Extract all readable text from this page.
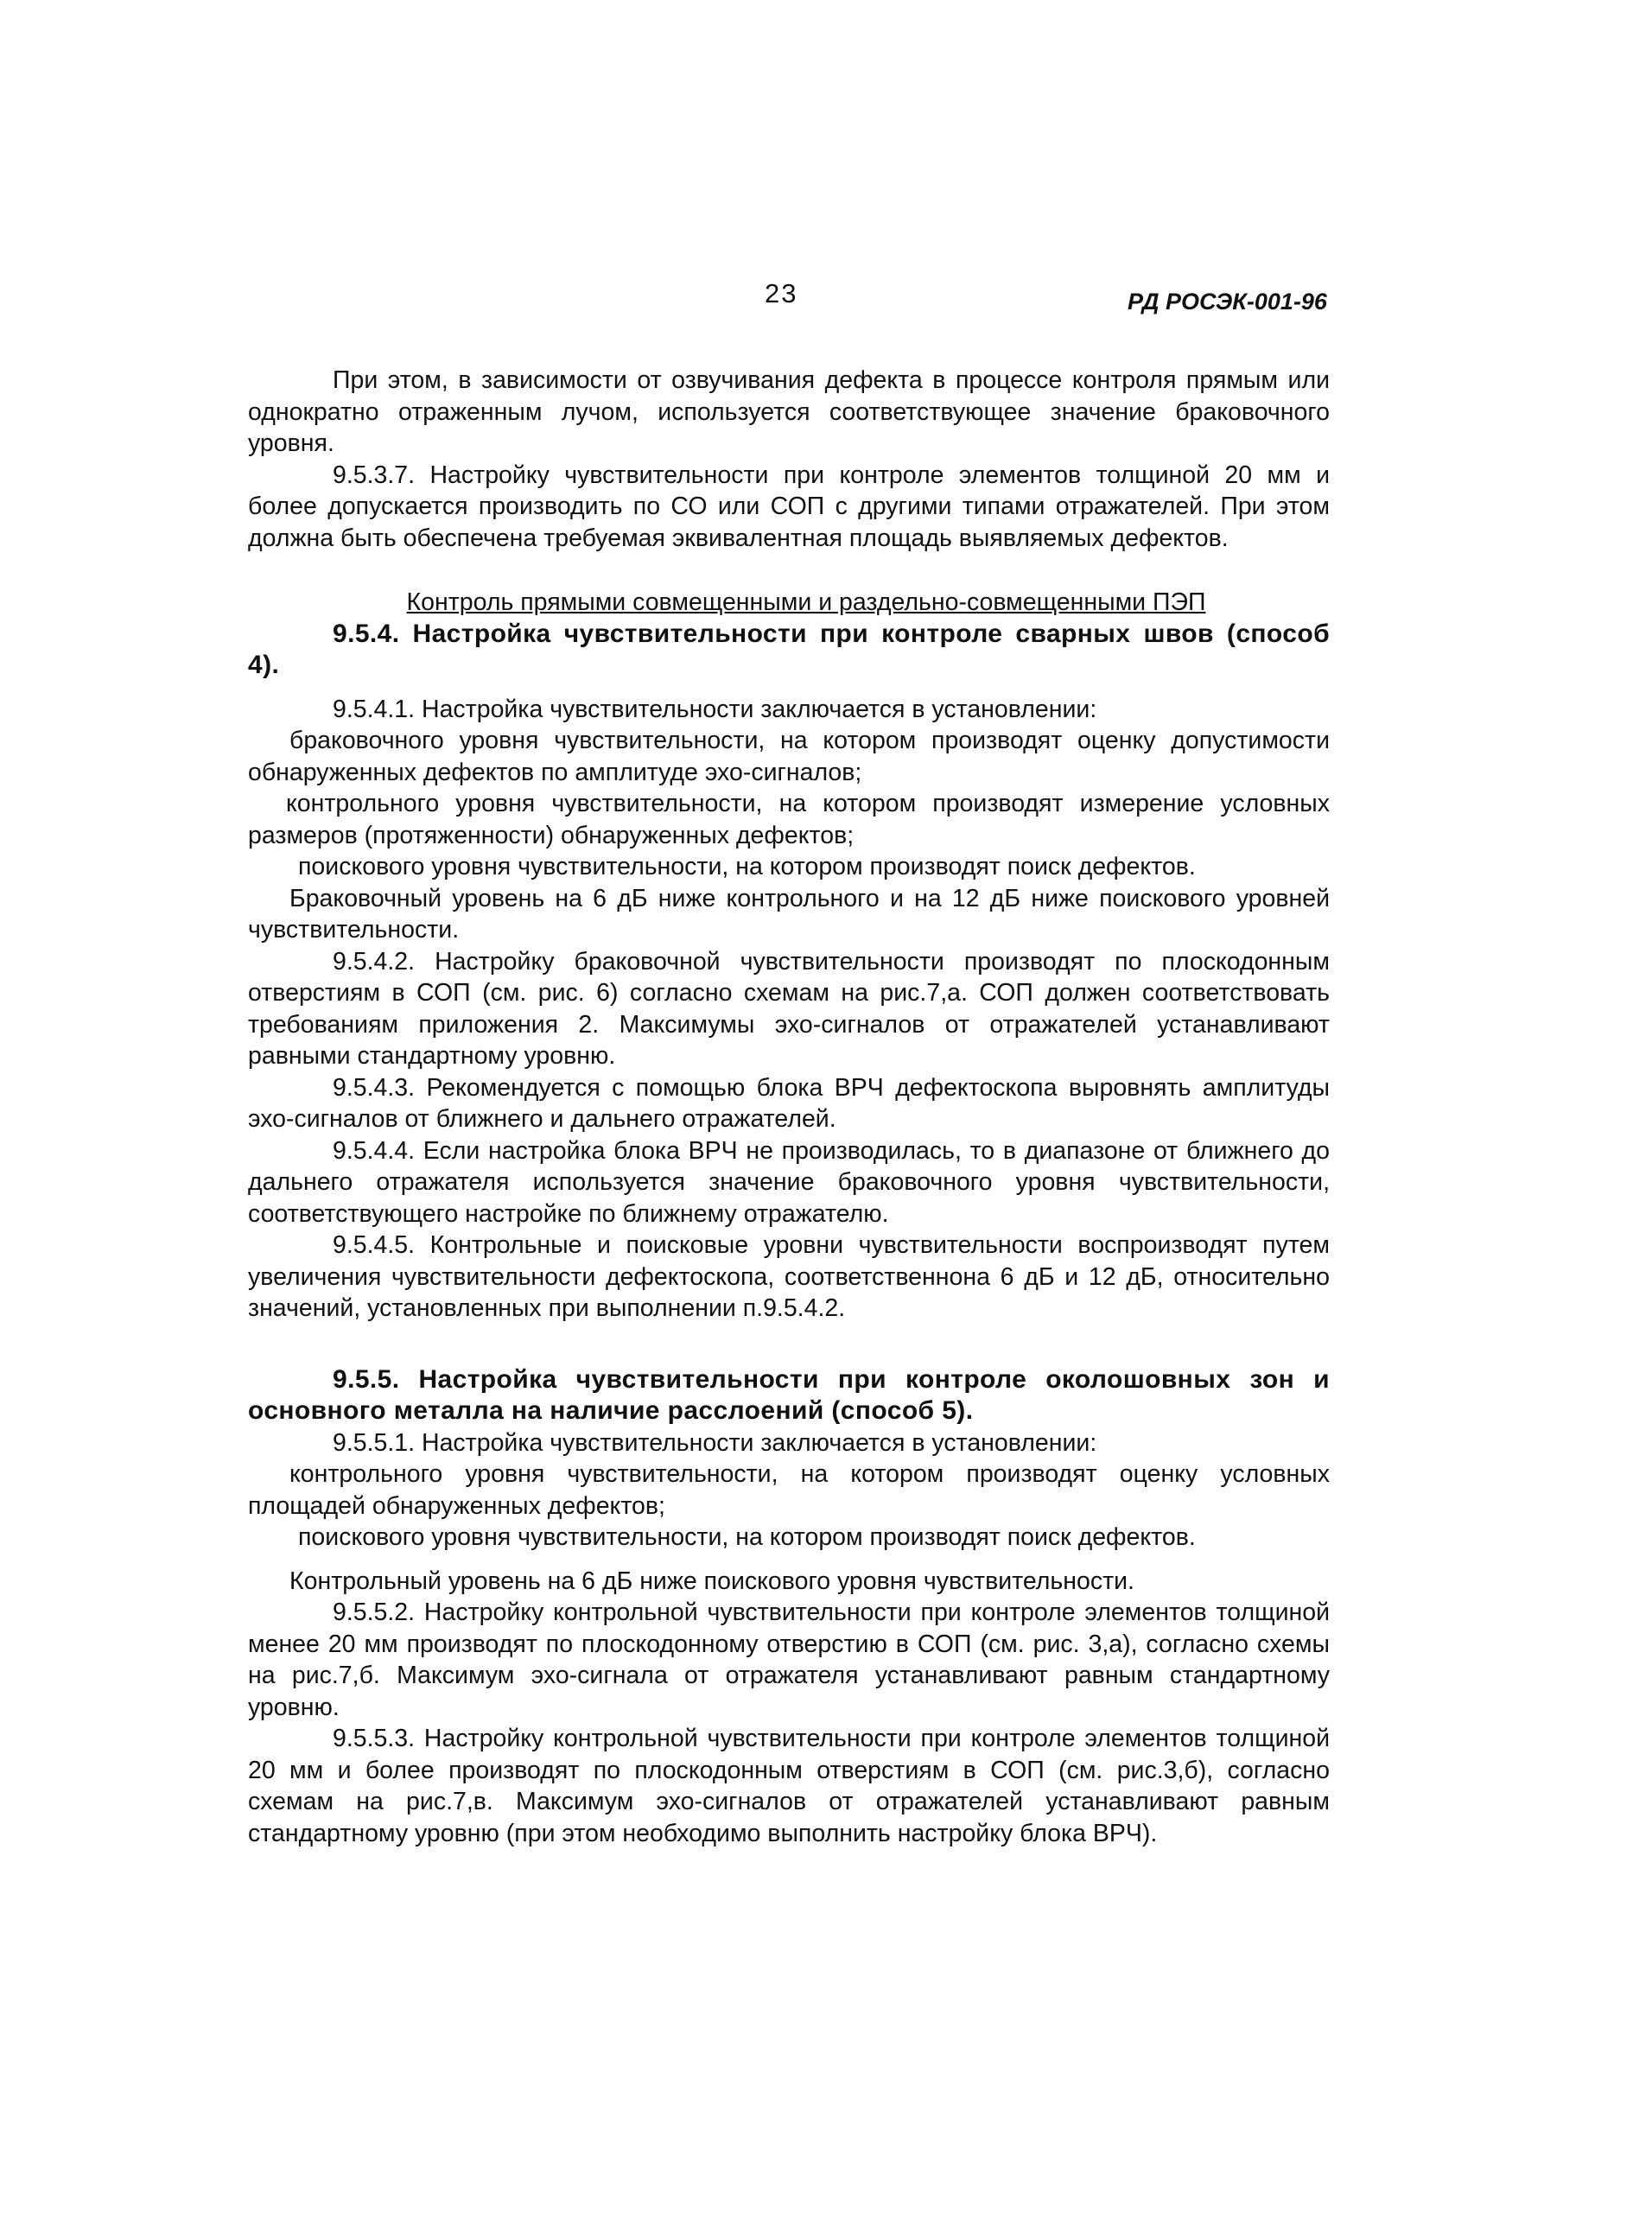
23	РД РОСЭК-001-96

При этом, в зависимости от озвучивания дефекта в процессе контроля прямым или однократно отраженным лучом, используется соответствующее значение браковочного уровня.

9.5.3.7. Настройку чувствительности при контроле элементов толщиной 20 мм и более допускается производить по СО или СОП с другими типами отражателей. При этом должна быть обеспечена требуемая эквивалентная площадь выявляемых дефектов.

Контроль прямыми совмещенными и раздельно-совмещенными ПЭП

9.5.4. Настройка чувствительности при контроле сварных швов (способ 4).

9.5.4.1. Настройка чувствительности заключается в установлении:

браковочного уровня чувствительности, на котором производят оценку допустимости обнаруженных дефектов по амплитуде эхо-сигналов;

контрольного уровня чувствительности, на котором производят измерение условных размеров (протяженности) обнаруженных дефектов;

поискового уровня чувствительности, на котором производят поиск дефектов.

Браковочный уровень на 6 дБ ниже контрольного и на 12 дБ ниже поискового уровней чувствительности.

9.5.4.2. Настройку браковочной чувствительности производят по плоскодонным отверстиям в СОП (см. рис. 6) согласно схемам на рис.7,а. СОП должен соответствовать требованиям приложения 2. Максимумы эхо-сигналов от отражателей устанавливают равными стандартному уровню.

9.5.4.3. Рекомендуется с помощью блока ВРЧ дефектоскопа выровнять амплитуды эхо-сигналов от ближнего и дальнего отражателей.

9.5.4.4. Если настройка блока ВРЧ не производилась, то в диапазоне от ближнего до дальнего отражателя используется значение браковочного уровня чувствительности, соответствующего настройке по ближнему отражателю.

9.5.4.5. Контрольные и поисковые уровни чувствительности воспроизводят путем увеличения чувствительности дефектоскопа, соответственнона 6 дБ и 12 дБ, относительно значений, установленных при выполнении п.9.5.4.2.

9.5.5. Настройка чувствительности при контроле околошовных зон и основного металла на наличие расслоений (способ 5).

9.5.5.1. Настройка чувствительности заключается в установлении:

контрольного уровня чувствительности, на котором производят оценку условных площадей обнаруженных дефектов;

поискового уровня чувствительности, на котором производят поиск дефектов.

Контрольный уровень на 6 дБ ниже поискового уровня чувствительности.

9.5.5.2. Настройку контрольной чувствительности при контроле элементов толщиной менее 20 мм производят по плоскодонному отверстию в СОП (см. рис. 3,а), согласно схемы на рис.7,б. Максимум эхо-сигнала от отражателя устанавливают равным стандартному уровню.

9.5.5.3. Настройку контрольной чувствительности при контроле элементов толщиной 20 мм и более производят по плоскодонным отверстиям в СОП (см. рис.3,б), согласно схемам на рис.7,в. Максимум эхо-сигналов от отражателей устанавливают равным стандартному уровню (при этом необходимо выполнить настройку блока ВРЧ).
